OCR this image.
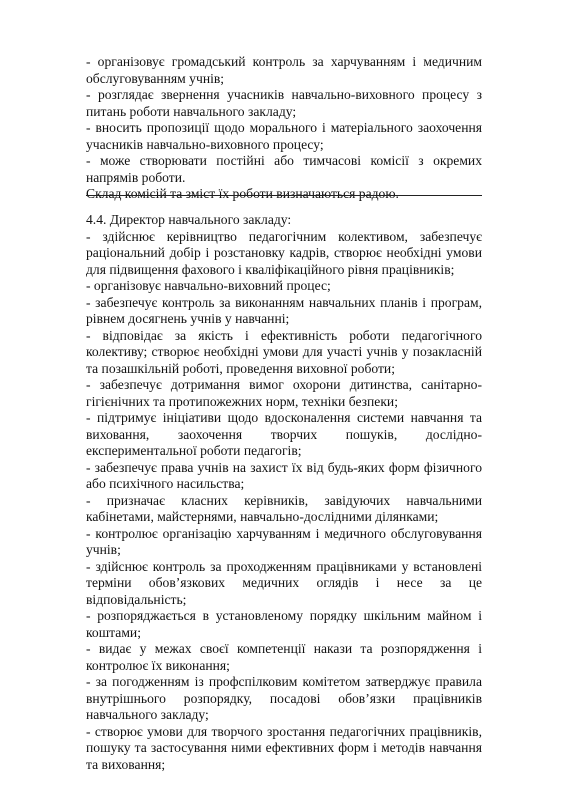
- організовує громадський контроль за харчуванням і медичним обслуговуванням учнів;

- розглядає звернення учасників навчально-виховного процесу з питань роботи навчального закладу;

- вносить пропозиції щодо морального і матеріального заохочення учасників навчально-виховного процесу;

- може створювати постійні або тимчасові комісії з окремих напрямів роботи.

Склад комісій та зміст їх роботи визначаються радою.

4.4. Директор навчального закладу:

- здійснює керівництво педагогічним колективом, забезпечує раціональний добір і розстановку кадрів, створює необхідні умови для підвищення фахового і кваліфікаційного рівня працівників;

- організовує навчально-виховний процес;

- забезпечує контроль за виконанням навчальних планів і програм, рівнем досягнень учнів у навчанні;

- відповідає за якість і ефективність роботи педагогічного колективу; створює необхідні умови для участі учнів у позакласній та позашкільній роботі, проведення виховної роботи;

- забезпечує дотримання вимог охорони дитинства, санітарно-гігієнічних та протипожежних норм, техніки безпеки;

- підтримує ініціативи щодо вдосконалення системи навчання та виховання, заохочення творчих пошуків, дослідно-експериментальної роботи педагогів;

- забезпечує права учнів на захист їх від будь-яких форм фізичного або психічного насильства;

- призначає класних керівників, завідуючих навчальними кабінетами, майстернями, навчально-дослідними ділянками;

- контролює організацію харчуванням і медичного обслуговування учнів;

- здійснює контроль за проходженням працівниками у встановлені терміни обов’язкових медичних оглядів і несе за це відповідальність;

- розпоряджається в установленому порядку шкільним майном і коштами;

- видає у межах своєї компетенції накази та розпорядження і контролює їх виконання;

- за погодженням із профспілковим комітетом затверджує правила внутрішнього розпорядку, посадові обов’язки працівників навчального закладу;

- створює умови для творчого зростання педагогічних працівників, пошуку та застосування ними ефективних форм і методів навчання та виховання;
